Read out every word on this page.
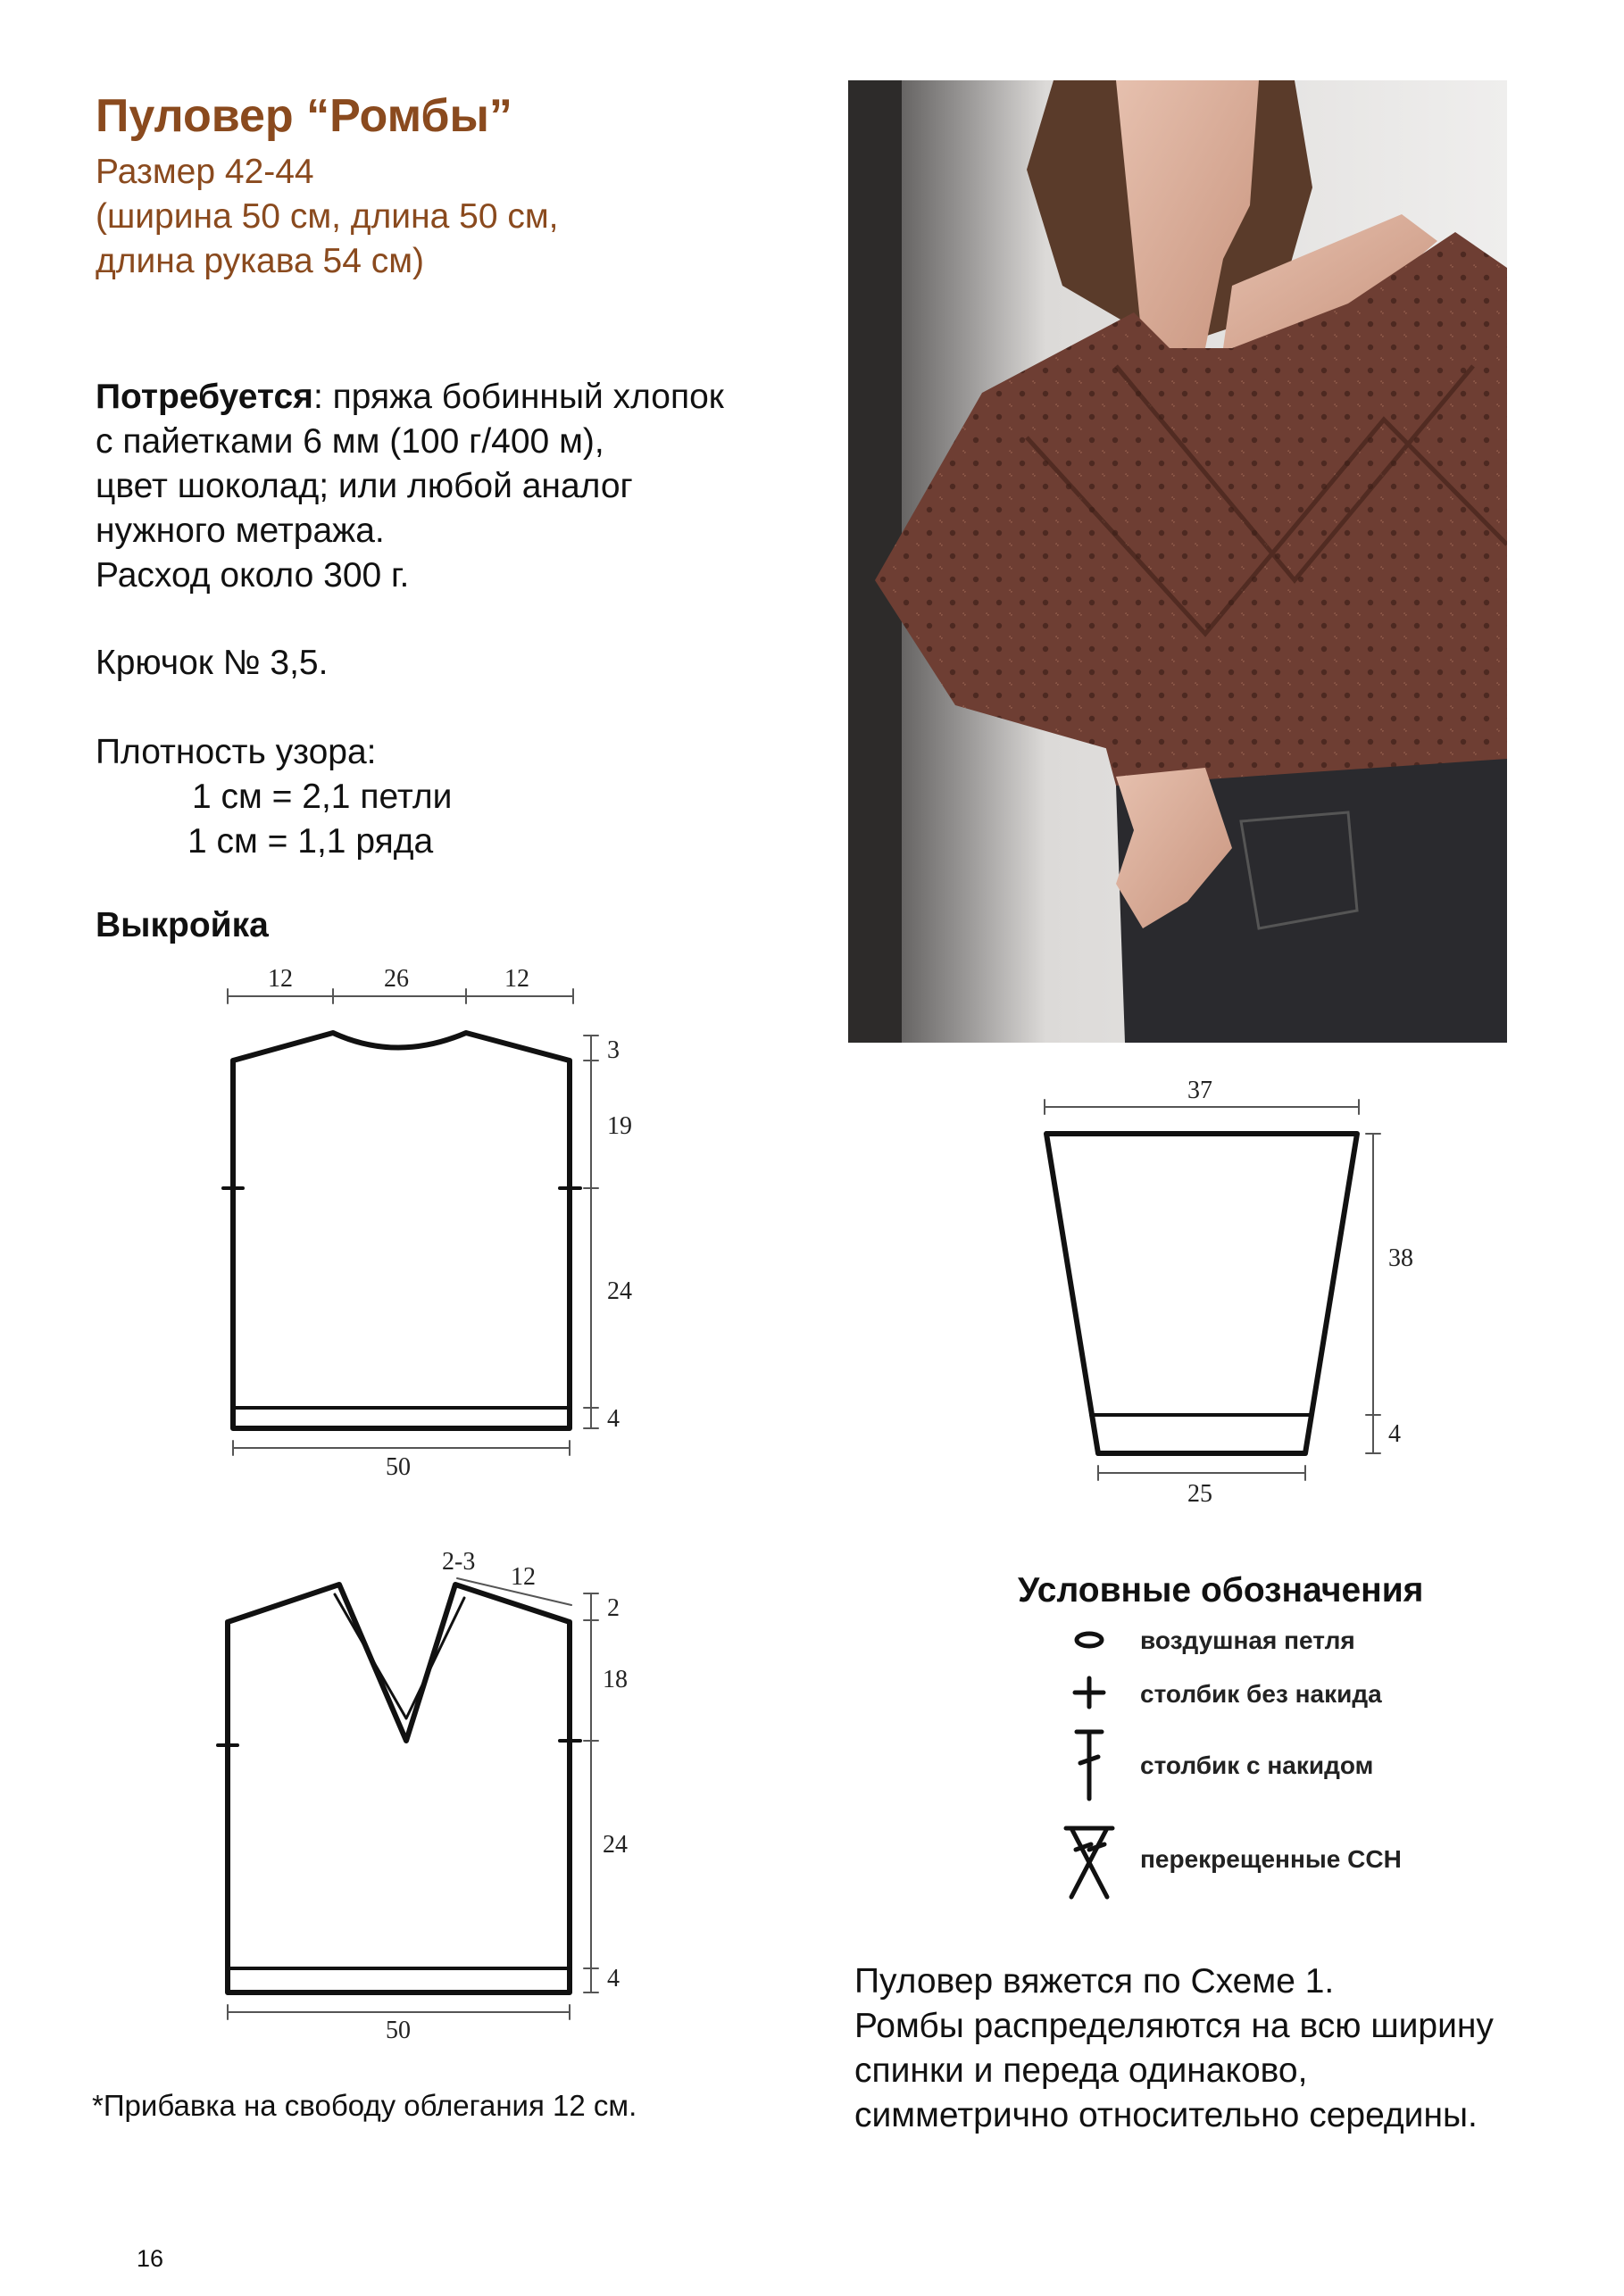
Пуловер “Ромбы”
Размер 42-44
(ширина 50 см, длина 50 см,
длина рукава 54 см)
Потребуется: пряжа бобинный хлопок
с пайетками 6 мм (100 г/400 м),
цвет шоколад; или любой аналог
нужного метража.
Расход около 300 г.
Крючок № 3,5.
Плотность узора:
1 см = 2,1 петли
1 см = 1,1 ряда
Выкройка
12	26	12
3
19
24
4
50
2-3
12
2
18
24
4
50
37
38
4
25
Условные обозначения
воздушная петля
столбик без накида
столбик с накидом
перекрещенные ССН
*Прибавка на свободу облегания 12 см.
Пуловер вяжется по Схеме 1.
Ромбы распределяются на всю ширину
спинки и переда одинаково,
симметрично относительно середины.
16
